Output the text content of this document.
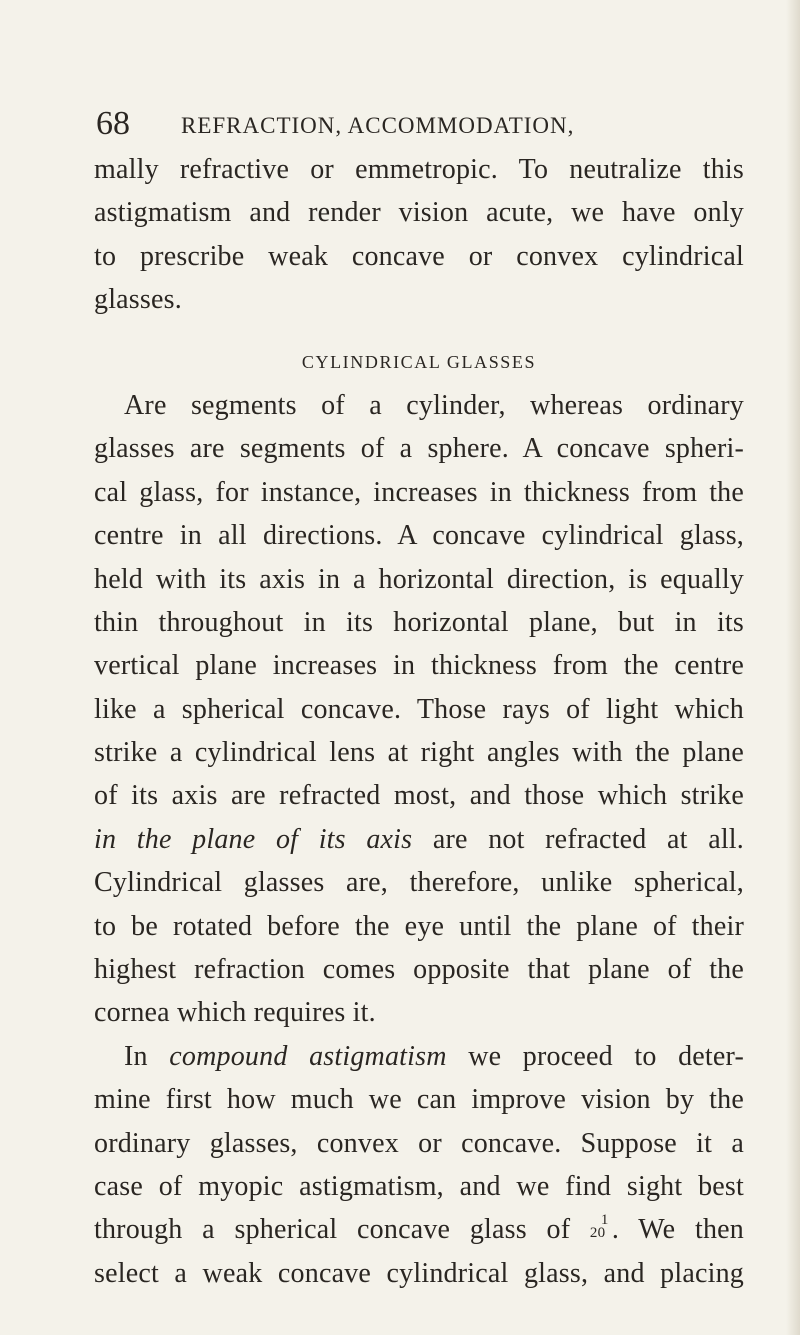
68 REFRACTION, ACCOMMODATION,
mally refractive or emmetropic. To neutralize this
astigmatism and render vision acute, we have only
to prescribe weak concave or convex cylindrical
glasses.
CYLINDRICAL GLASSES
Are segments of a cylinder, whereas ordinary
glasses are segments of a sphere. A concave spheri-
cal glass, for instance, increases in thickness from the
centre in all directions. A concave cylindrical glass,
held with its axis in a horizontal direction, is equally
thin throughout in its horizontal plane, but in its
vertical plane increases in thickness from the centre
like a spherical concave. Those rays of light which
strike a cylindrical lens at right angles with the plane
of its axis are refracted most, and those which strike
in the plane of its axis are not refracted at all.
Cylindrical glasses are, therefore, unlike spherical,
to be rotated before the eye until the plane of their
highest refraction comes opposite that plane of the
cornea which requires it.
In compound astigmatism we proceed to deter-
mine first how much we can improve vision by the
ordinary glasses, convex or concave. Suppose it a
case of myopic astigmatism, and we find sight best
through a spherical concave glass of 1
20 . We then
select a weak concave cylindrical glass, and placing
